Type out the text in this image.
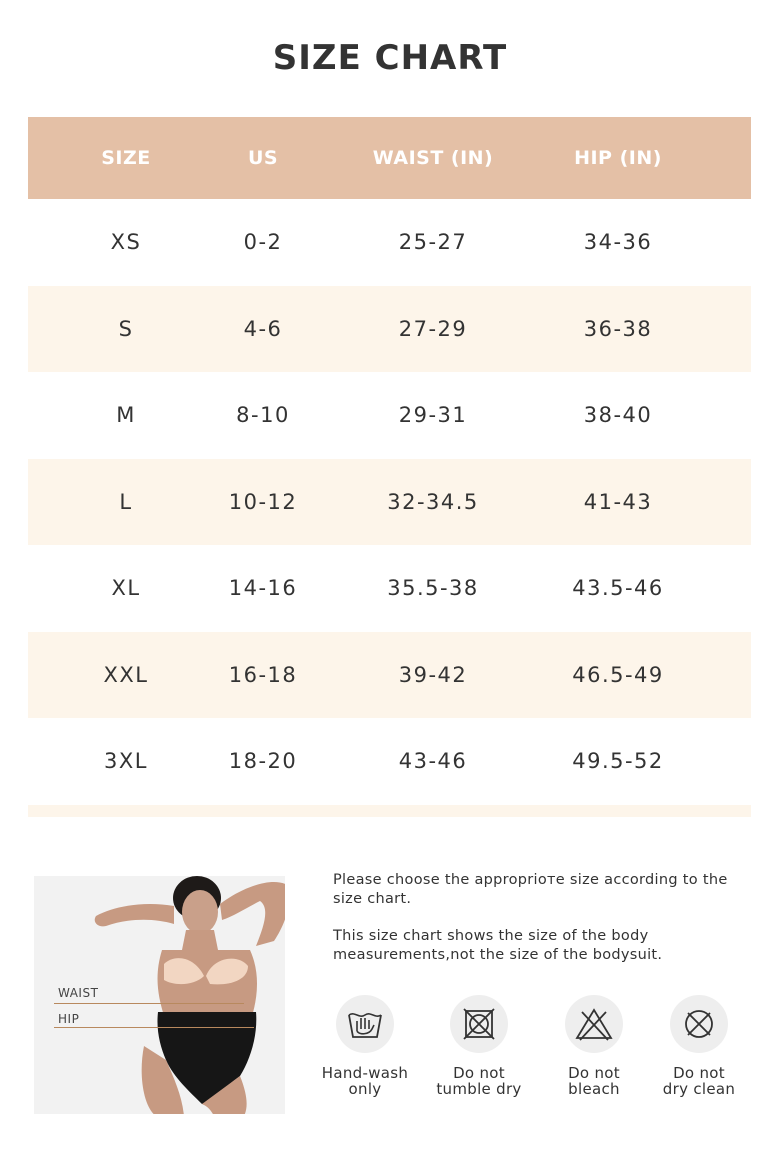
SIZE CHART
SIZE	US	WAIST (IN)	HIP (IN)
XS	0-2	25-27	34-36
S	4-6	27-29	36-38
M	8-10	29-31	38-40
L	10-12	32-34.5	41-43
XL	14-16	35.5-38	43.5-46
XXL	16-18	39-42	46.5-49
3XL	18-20	43-46	49.5-52
WAIST
HIP

Please choose the approprioте size according to the size chart.

This size chart shows the size of the body measurements,not the size of the bodysuit.

Hand-wash
only
Do not
tumble dry
Do not
bleach
Do not
dry clean
